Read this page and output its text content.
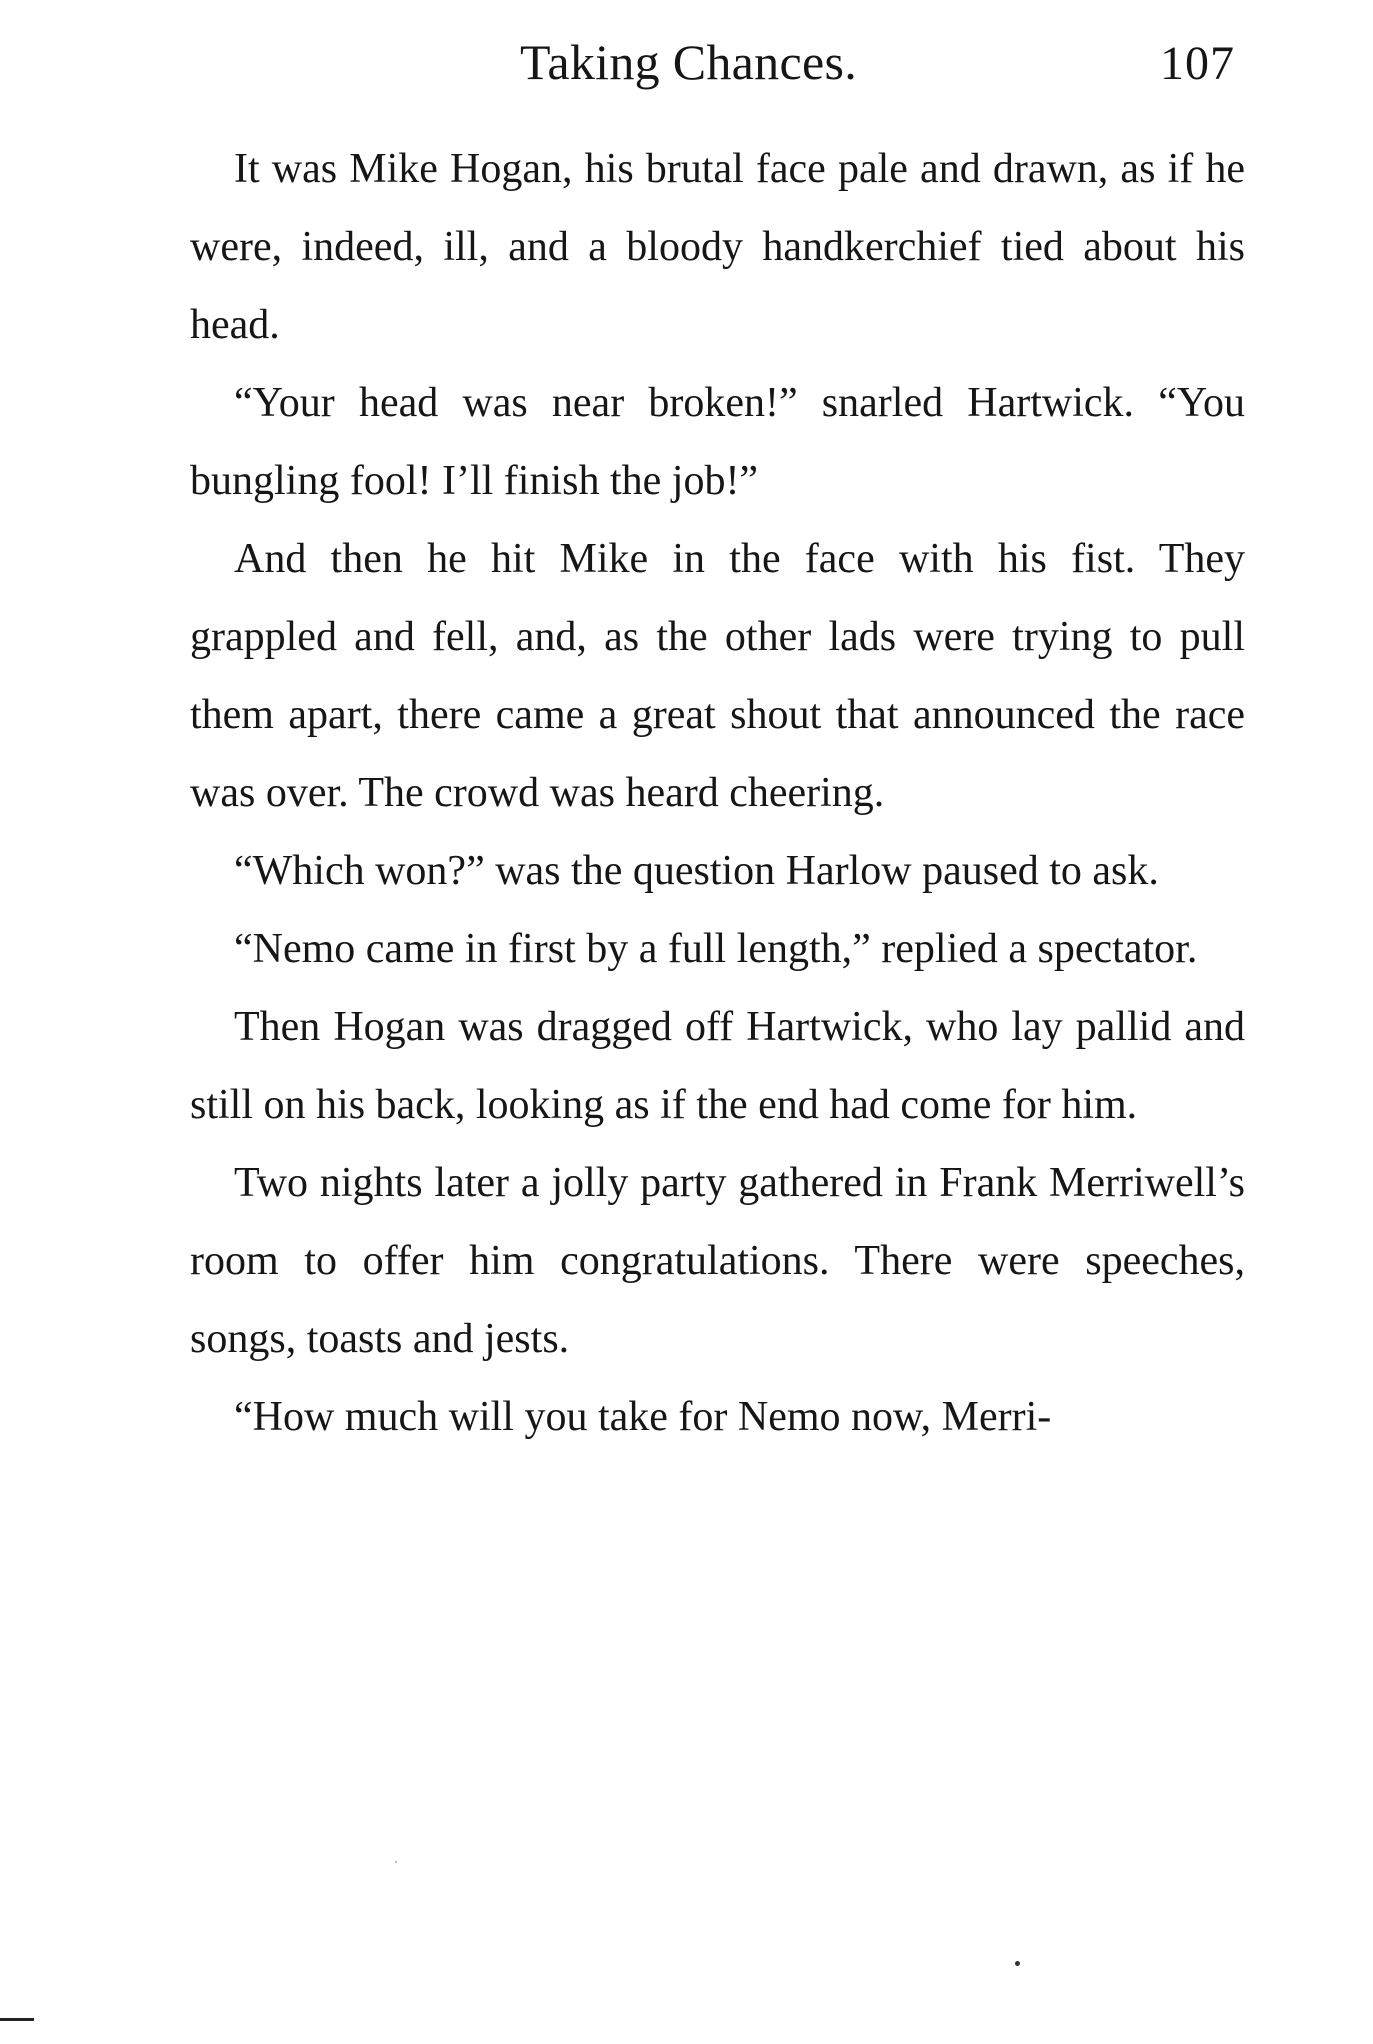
Taking Chances.	107

It was Mike Hogan, his brutal face pale and drawn, as if he were, indeed, ill, and a bloody handkerchief tied about his head.

“Your head was near broken!” snarled Hartwick. “You bungling fool! I’ll finish the job!”

And then he hit Mike in the face with his fist. They grappled and fell, and, as the other lads were trying to pull them apart, there came a great shout that announced the race was over. The crowd was heard cheering.

“Which won?” was the question Harlow paused to ask.

“Nemo came in first by a full length,” replied a spectator.

Then Hogan was dragged off Hartwick, who lay pallid and still on his back, looking as if the end had come for him.

Two nights later a jolly party gathered in Frank Merriwell’s room to offer him congratulations. There were speeches, songs, toasts and jests.

“How much will you take for Nemo now, Merri-
